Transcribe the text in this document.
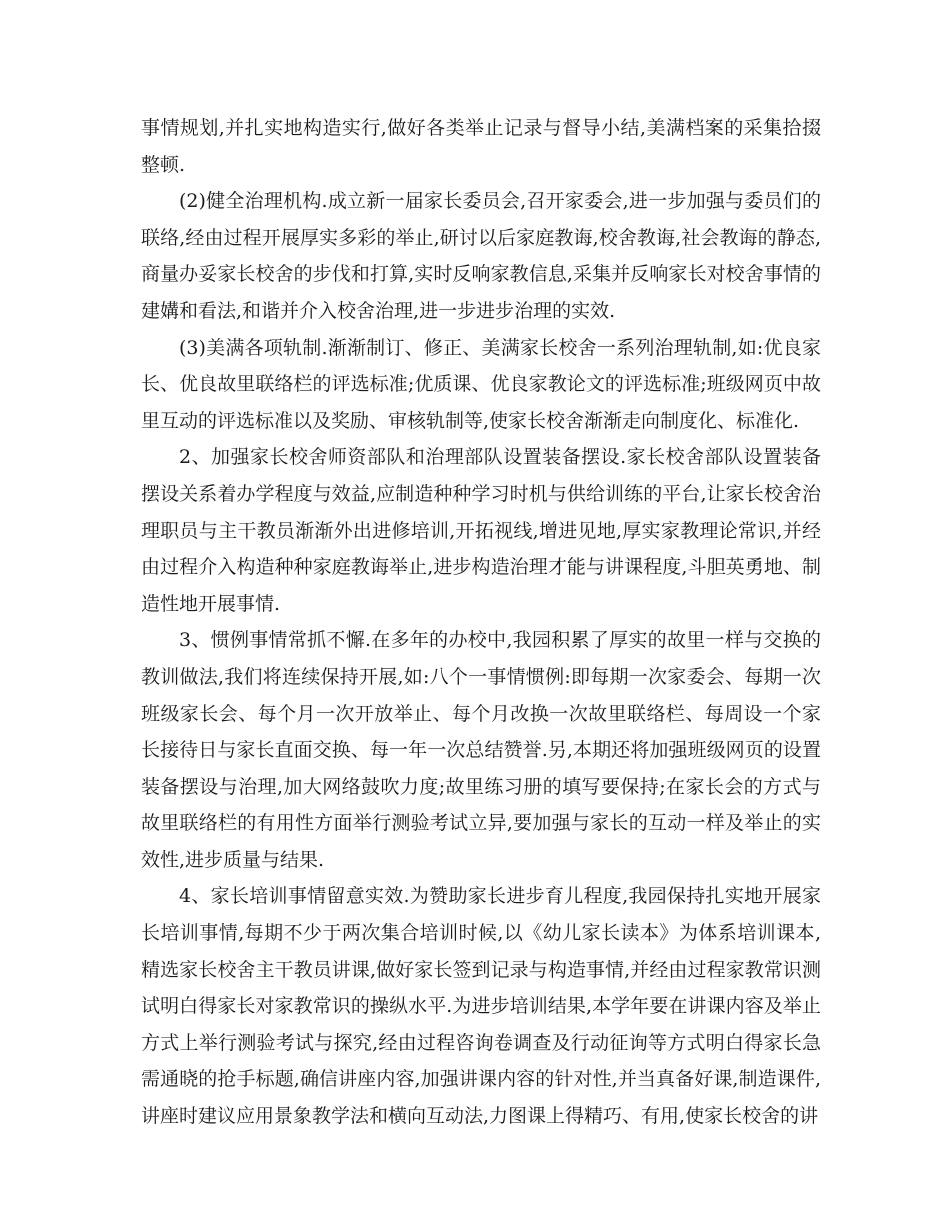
事情规划,并扎实地构造实行,做好各类举止记录与督导小结,美满档案的采集拾掇整顿.

(2)健全治理机构.成立新一届家长委员会,召开家委会,进一步加强与委员们的联络,经由过程开展厚实多彩的举止,研讨以后家庭教诲,校舍教诲,社会教诲的静态,商量办妥家长校舍的步伐和打算,实时反响家教信息,采集并反响家长对校舍事情的建媾和看法,和谐并介入校舍治理,进一步进步治理的实效.

(3)美满各项轨制.渐渐制订、修正、美满家长校舍一系列治理轨制,如:优良家长、优良故里联络栏的评选标准;优质课、优良家教论文的评选标准;班级网页中故里互动的评选标准以及奖励、审核轨制等,使家长校舍渐渐走向制度化、标准化.

2、加强家长校舍师资部队和治理部队设置装备摆设.家长校舍部队设置装备摆设关系着办学程度与效益,应制造种种学习时机与供给训练的平台,让家长校舍治理职员与主干教员渐渐外出进修培训,开拓视线,增进见地,厚实家教理论常识,并经由过程介入构造种种家庭教诲举止,进步构造治理才能与讲课程度,斗胆英勇地、制造性地开展事情.

3、惯例事情常抓不懈.在多年的办校中,我园积累了厚实的故里一样与交换的教训做法,我们将连续保持开展,如:八个一事情惯例:即每期一次家委会、每期一次班级家长会、每个月一次开放举止、每个月改换一次故里联络栏、每周设一个家长接待日与家长直面交换、每一年一次总结赞誉.另,本期还将加强班级网页的设置装备摆设与治理,加大网络鼓吹力度;故里练习册的填写要保持;在家长会的方式与故里联络栏的有用性方面举行测验考试立异,要加强与家长的互动一样及举止的实效性,进步质量与结果.

4、家长培训事情留意实效.为赞助家长进步育儿程度,我园保持扎实地开展家长培训事情,每期不少于两次集合培训时候,以《幼儿家长读本》为体系培训课本,精选家长校舍主干教员讲课,做好家长签到记录与构造事情,并经由过程家教常识测试明白得家长对家教常识的操纵水平.为进步培训结果,本学年要在讲课内容及举止方式上举行测验考试与探究,经由过程咨询卷调查及行动征询等方式明白得家长急需通晓的抢手标题,确信讲座内容,加强讲课内容的针对性,并当真备好课,制造课件,讲座时建议应用景象教学法和横向互动法,力图课上得精巧、有用,使家长校舍的讲
